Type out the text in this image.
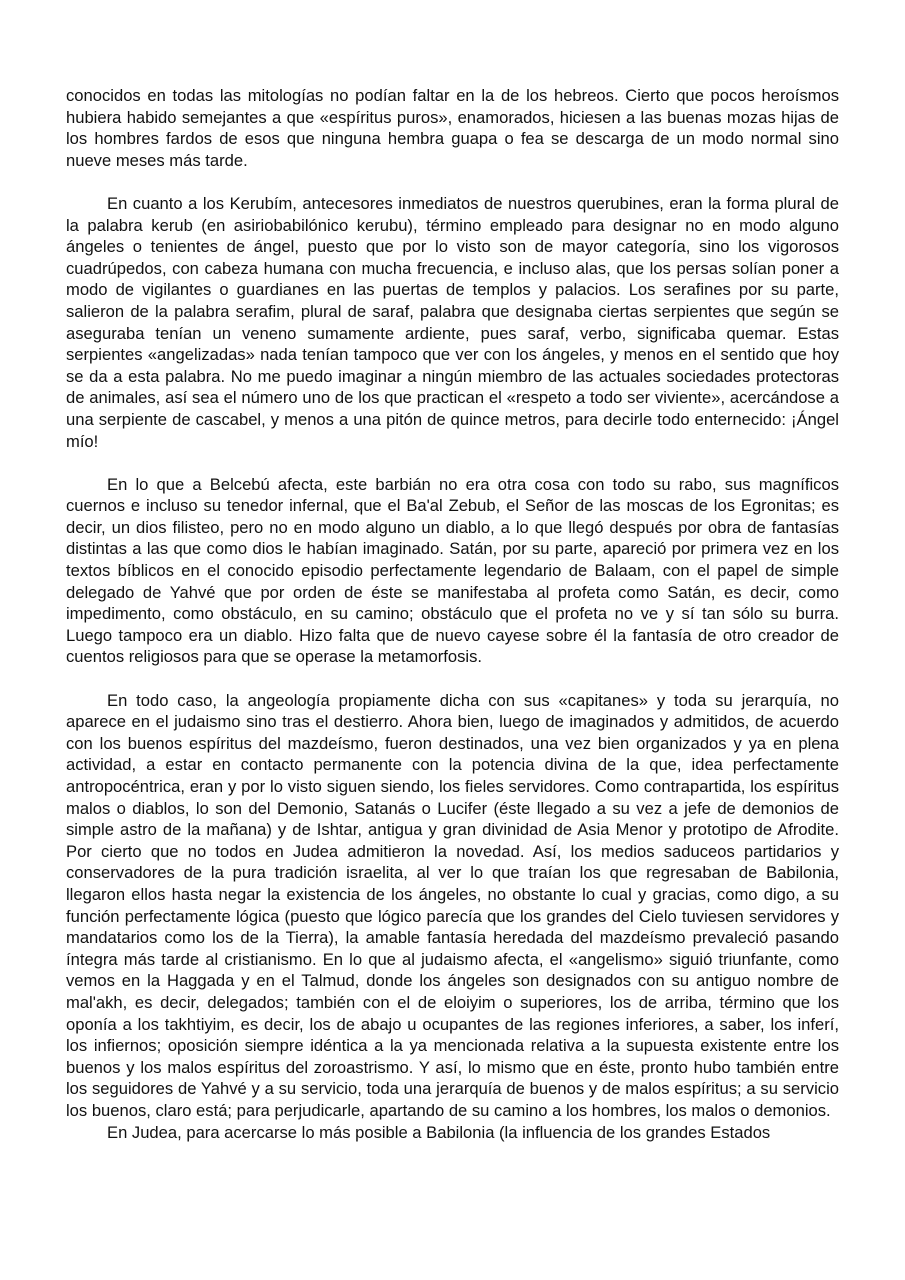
conocidos en todas las mitologías no podían faltar en la de los hebreos. Cierto que pocos heroísmos hubiera habido semejantes a que «espíritus puros», enamorados, hiciesen a las buenas mozas hijas de los hombres fardos de esos que ninguna hembra guapa o fea se descarga de un modo normal sino nueve meses más tarde.

En cuanto a los Kerubím, antecesores inmediatos de nuestros querubines, eran la forma plural de la palabra kerub (en asiriobabilónico kerubu), término empleado para designar no en modo alguno ángeles o tenientes de ángel, puesto que por lo visto son de mayor categoría, sino los vigorosos cuadrúpedos, con cabeza humana con mucha frecuencia, e incluso alas, que los persas solían poner a modo de vigilantes o guardianes en las puertas de templos y palacios. Los serafines por su parte, salieron de la palabra serafim, plural de saraf, palabra que designaba ciertas serpientes que según se aseguraba tenían un veneno sumamente ardiente, pues saraf, verbo, significaba quemar. Estas serpientes «angelizadas» nada tenían tampoco que ver con los ángeles, y menos en el sentido que hoy se da a esta palabra. No me puedo imaginar a ningún miembro de las actuales sociedades protectoras de animales, así sea el número uno de los que practican el «respeto a todo ser viviente», acercándose a una serpiente de cascabel, y menos a una pitón de quince metros, para decirle todo enternecido: ¡Ángel mío!

En lo que a Belcebú afecta, este barbián no era otra cosa con todo su rabo, sus magníficos cuernos e incluso su tenedor infernal, que el Ba'al Zebub, el Señor de las moscas de los Egronitas; es decir, un dios filisteo, pero no en modo alguno un diablo, a lo que llegó después por obra de fantasías distintas a las que como dios le habían imaginado. Satán, por su parte, apareció por primera vez en los textos bíblicos en el conocido episodio perfectamente legendario de Balaam, con el papel de simple delegado de Yahvé que por orden de éste se manifestaba al profeta como Satán, es decir, como impedimento, como obstáculo, en su camino; obstáculo que el profeta no ve y sí tan sólo su burra. Luego tampoco era un diablo. Hizo falta que de nuevo cayese sobre él la fantasía de otro creador de cuentos religiosos para que se operase la metamorfosis.

En todo caso, la angeología propiamente dicha con sus «capitanes» y toda su jerarquía, no aparece en el judaismo sino tras el destierro. Ahora bien, luego de imaginados y admitidos, de acuerdo con los buenos espíritus del mazdeísmo, fueron destinados, una vez bien organizados y ya en plena actividad, a estar en contacto permanente con la potencia divina de la que, idea perfectamente antropocéntrica, eran y por lo visto siguen siendo, los fieles servidores. Como contrapartida, los espíritus malos o diablos, lo son del Demonio, Satanás o Lucifer (éste llegado a su vez a jefe de demonios de simple astro de la mañana) y de Ishtar, antigua y gran divinidad de Asia Menor y prototipo de Afrodite. Por cierto que no todos en Judea admitieron la novedad. Así, los medios saduceos partidarios y conservadores de la pura tradición israelita, al ver lo que traían los que regresaban de Babilonia, llegaron ellos hasta negar la existencia de los ángeles, no obstante lo cual y gracias, como digo, a su función perfectamente lógica (puesto que lógico parecía que los grandes del Cielo tuviesen servidores y mandatarios como los de la Tierra), la amable fantasía heredada del mazdeísmo prevaleció pasando íntegra más tarde al cristianismo. En lo que al judaismo afecta, el «angelismo» siguió triunfante, como vemos en la Haggada y en el Talmud, donde los ángeles son designados con su antiguo nombre de mal'akh, es decir, delegados; también con el de eloiyim o superiores, los de arriba, término que los oponía a los takhtiyim, es decir, los de abajo u ocupantes de las regiones inferiores, a saber, los inferí, los infiernos; oposición siempre idéntica a la ya mencionada relativa a la supuesta existente entre los buenos y los malos espíritus del zoroastrismo. Y así, lo mismo que en éste, pronto hubo también entre los seguidores de Yahvé y a su servicio, toda una jerarquía de buenos y de malos espíritus; a su servicio los buenos, claro está; para perjudicarle, apartando de su camino a los hombres, los malos o demonios.

En Judea, para acercarse lo más posible a Babilonia (la influencia de los grandes Estados
